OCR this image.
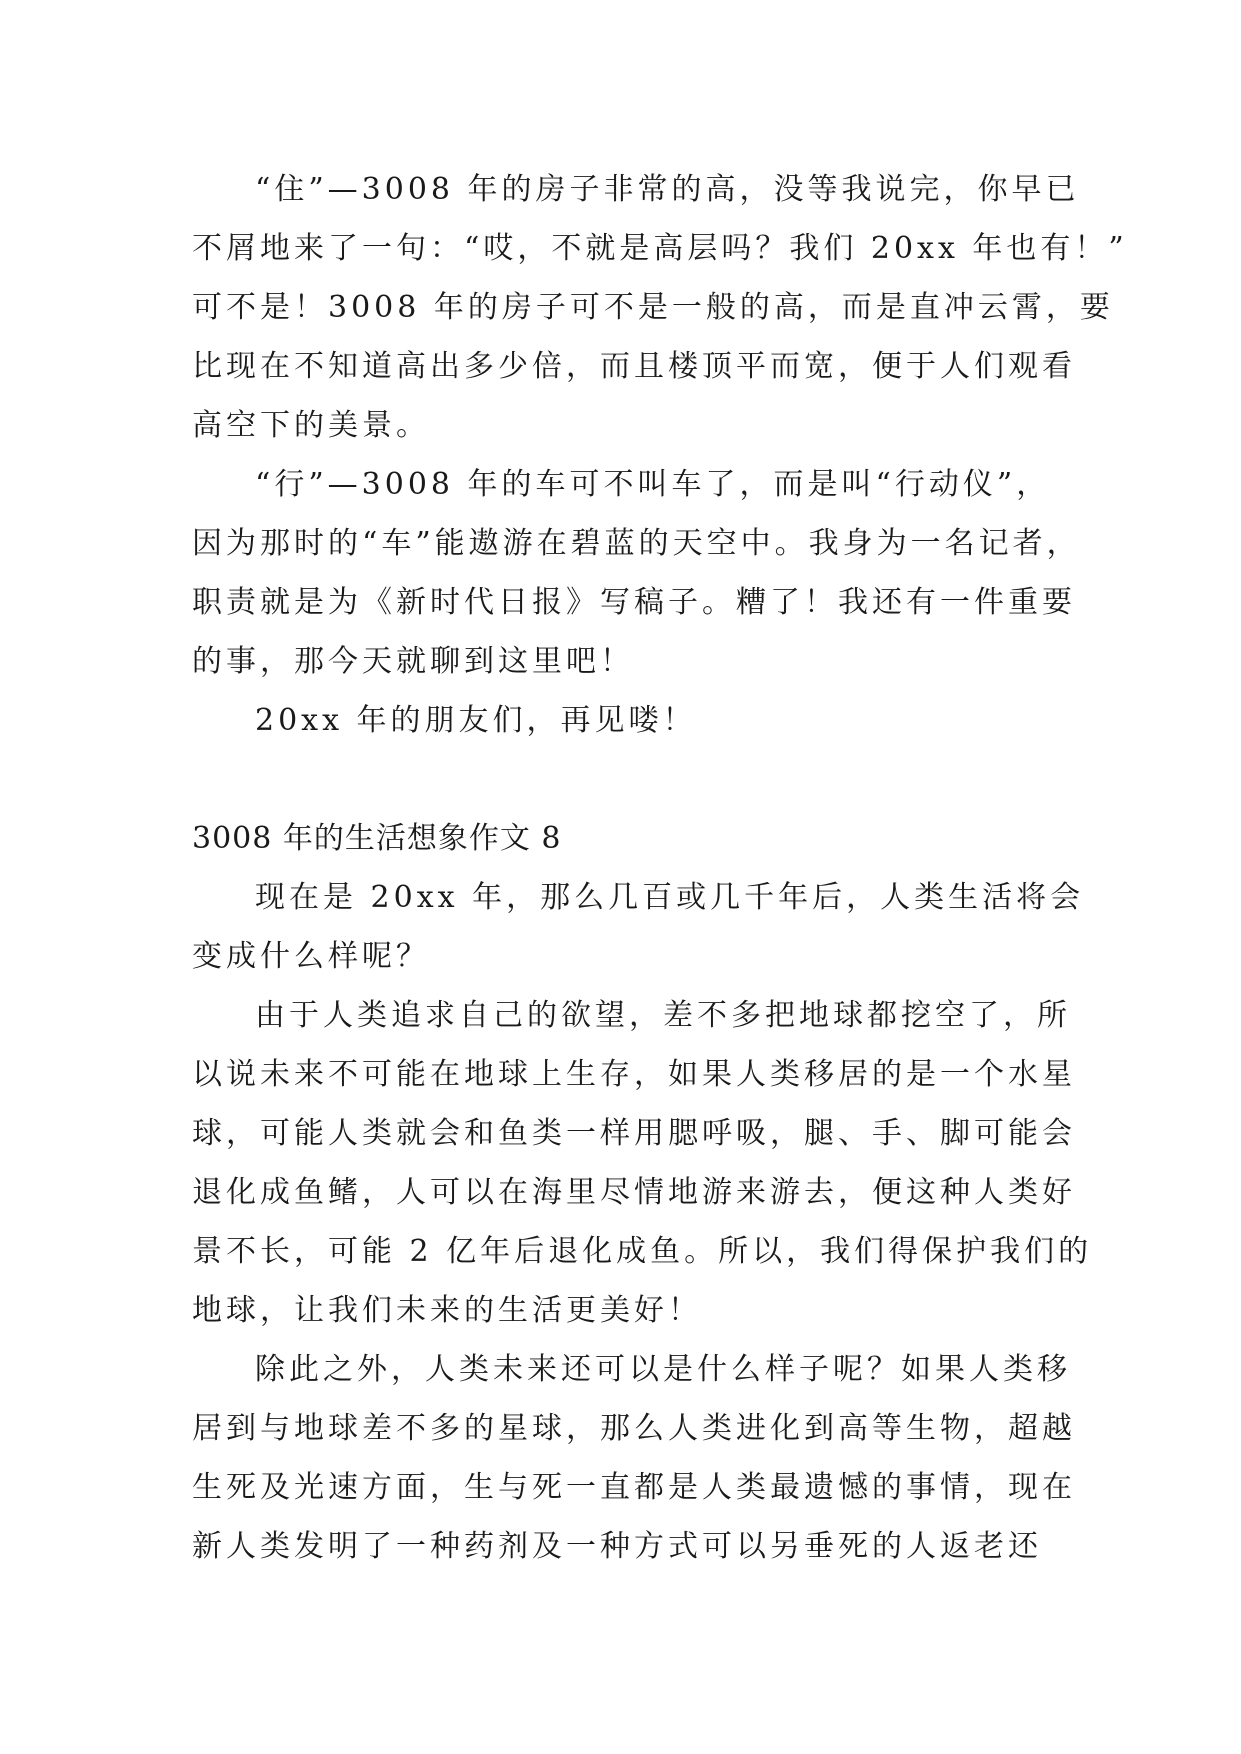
“住”—3008 年的房子非常的高，没等我说完，你早已
不屑地来了一句：“哎，不就是高层吗？我们 20xx 年也有！”
可不是！3008 年的房子可不是一般的高，而是直冲云霄，要
比现在不知道高出多少倍，而且楼顶平而宽，便于人们观看
高空下的美景。
“行”—3008 年的车可不叫车了，而是叫“行动仪”，
因为那时的“车”能遨游在碧蓝的天空中。我身为一名记者，
职责就是为《新时代日报》写稿子。糟了！我还有一件重要
的事，那今天就聊到这里吧！
20xx 年的朋友们，再见喽！
3008 年的生活想象作文 8
现在是 20xx 年，那么几百或几千年后，人类生活将会
变成什么样呢？
由于人类追求自己的欲望，差不多把地球都挖空了，所
以说未来不可能在地球上生存，如果人类移居的是一个水星
球，可能人类就会和鱼类一样用腮呼吸，腿、手、脚可能会
退化成鱼鳍，人可以在海里尽情地游来游去，便这种人类好
景不长，可能 2 亿年后退化成鱼。所以，我们得保护我们的
地球，让我们未来的生活更美好！
除此之外，人类未来还可以是什么样子呢？如果人类移
居到与地球差不多的星球，那么人类进化到高等生物，超越
生死及光速方面，生与死一直都是人类最遗憾的事情，现在
新人类发明了一种药剂及一种方式可以另垂死的人返老还
